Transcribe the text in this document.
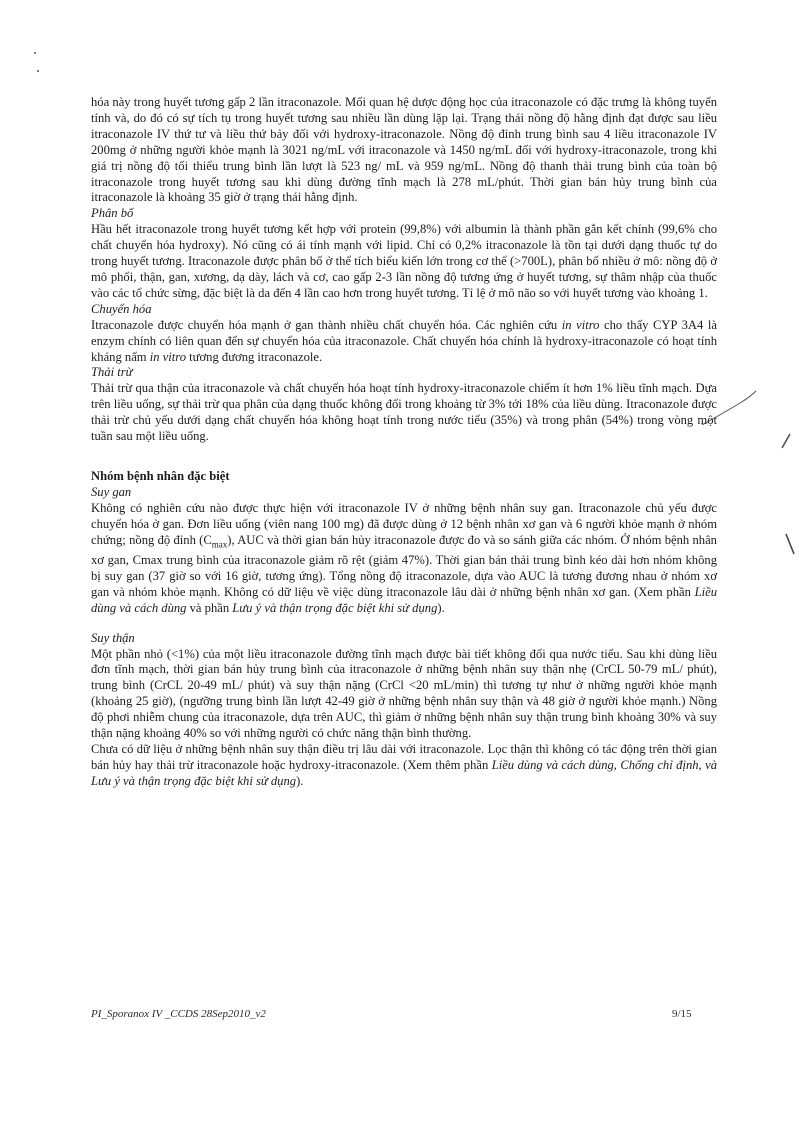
hóa này trong huyết tương gấp 2 lần itraconazole. Mối quan hệ dược động học của itraconazole có đặc trưng là không tuyến tính và, do đó có sự tích tụ trong huyết tương sau nhiều lần dùng lặp lại. Trạng thái nồng độ hằng định đạt được sau liều itraconazole IV thứ tư và liều thứ bảy đối với hydroxy-itraconazole. Nồng độ đỉnh trung bình sau 4 liều itraconazole IV 200mg ở những người khỏe mạnh là 3021 ng/mL với itraconazole và 1450 ng/mL đối với hydroxy-itraconazole, trong khi giá trị nồng độ tối thiểu trung bình lần lượt là 523 ng/ mL và 959 ng/mL. Nồng độ thanh thải trung bình của toàn bộ itraconazole trong huyết tương sau khi dùng đường tĩnh mạch là 278 mL/phút. Thời gian bán hủy trung bình của itraconazole là khoảng 35 giờ ở trạng thái hằng định.

Phân bố

Hầu hết itraconazole trong huyết tương kết hợp với protein (99,8%) với albumin là thành phần gắn kết chính (99,6% cho chất chuyển hóa hydroxy). Nó cũng có ái tính mạnh với lipid. Chỉ có 0,2% itraconazole là tồn tại dưới dạng thuốc tự do trong huyết tương. Itraconazole được phân bố ở thể tích biểu kiến lớn trong cơ thể (>700L), phân bố nhiều ở mô: nồng độ ở mô phổi, thận, gan, xương, dạ dày, lách và cơ, cao gấp 2-3 lần nồng độ tương ứng ở huyết tương, sự thâm nhập của thuốc vào các tổ chức sừng, đặc biệt là da đến 4 lần cao hơn trong huyết tương. Tỉ lệ ở mô não so với huyết tương vào khoảng 1.

Chuyển hóa

Itraconazole được chuyển hóa mạnh ở gan thành nhiều chất chuyển hóa. Các nghiên cứu in vitro cho thấy CYP 3A4 là enzym chính có liên quan đến sự chuyển hóa của itraconazole. Chất chuyển hóa chính là hydroxy-itraconazole có hoạt tính kháng nấm in vitro tương đương itraconazole.

Thải trừ

Thải trừ qua thận của itraconazole và chất chuyển hóa hoạt tính hydroxy-itraconazole chiếm ít hơn 1% liều tĩnh mạch. Dựa trên liều uống, sự thải trừ qua phân của dạng thuốc không đổi trong khoảng từ 3% tới 18% của liều dùng. Itraconazole được thải trừ chủ yếu dưới dạng chất chuyển hóa không hoạt tính trong nước tiểu (35%) và trong phân (54%) trong vòng một tuần sau một liều uống.

Nhóm bệnh nhân đặc biệt

Suy gan

Không có nghiên cứu nào được thực hiện với itraconazole IV ở những bệnh nhân suy gan. Itraconazole chủ yếu được chuyển hóa ở gan. Đơn liều uống (viên nang 100 mg) đã được dùng ở 12 bệnh nhân xơ gan và 6 người khỏe mạnh ở nhóm chứng; nồng độ đỉnh $(C_{max})$, AUC và thời gian bán hủy itraconazole được đo và so sánh giữa các nhóm. Ở nhóm bệnh nhân xơ gan, Cmax trung bình của itraconazole giảm rõ rệt (giảm 47%). Thời gian bán thải trung bình kéo dài hơn nhóm không bị suy gan (37 giờ so với 16 giờ, tương ứng). Tổng nồng độ itraconazole, dựa vào AUC là tương đương nhau ở nhóm xơ gan và nhóm khỏe mạnh. Không có dữ liệu về việc dùng itraconazole lâu dài ở những bệnh nhân xơ gan. (Xem phần Liều dùng và cách dùng và phần Lưu ý và thận trọng đặc biệt khi sử dụng).

Suy thận

Một phần nhỏ (<1%) của một liều itraconazole đường tĩnh mạch được bài tiết không đổi qua nước tiểu. Sau khi dùng liều đơn tĩnh mạch, thời gian bán hủy trung bình của itraconazole ở những bệnh nhân suy thận nhẹ (CrCL 50-79 mL/ phút), trung bình (CrCL 20-49 mL/ phút) và suy thận nặng (CrCl <20 mL/min) thì tương tự như ở những người khỏe mạnh (khoảng 25 giờ), (ngưỡng trung bình lần lượt 42-49 giờ ở những bệnh nhân suy thận và 48 giờ ở người khỏe mạnh.) Nồng độ phơi nhiễm chung của itraconazole, dựa trên AUC, thì giảm ở những bệnh nhân suy thận trung bình khoảng 30% và suy thận nặng khoảng 40% so với những người có chức năng thận bình thường.

Chưa có dữ liệu ở những bệnh nhân suy thận điều trị lâu dài với itraconazole. Lọc thận thì không có tác động trên thời gian bán hủy hay thải trừ itraconazole hoặc hydroxy-itraconazole. (Xem thêm phần Liều dùng và cách dùng, Chống chỉ định, và Lưu ý và thận trọng đặc biệt khi sử dụng).

PI_Sporanox IV _CCDS 28Sep2010_v2	9/15
